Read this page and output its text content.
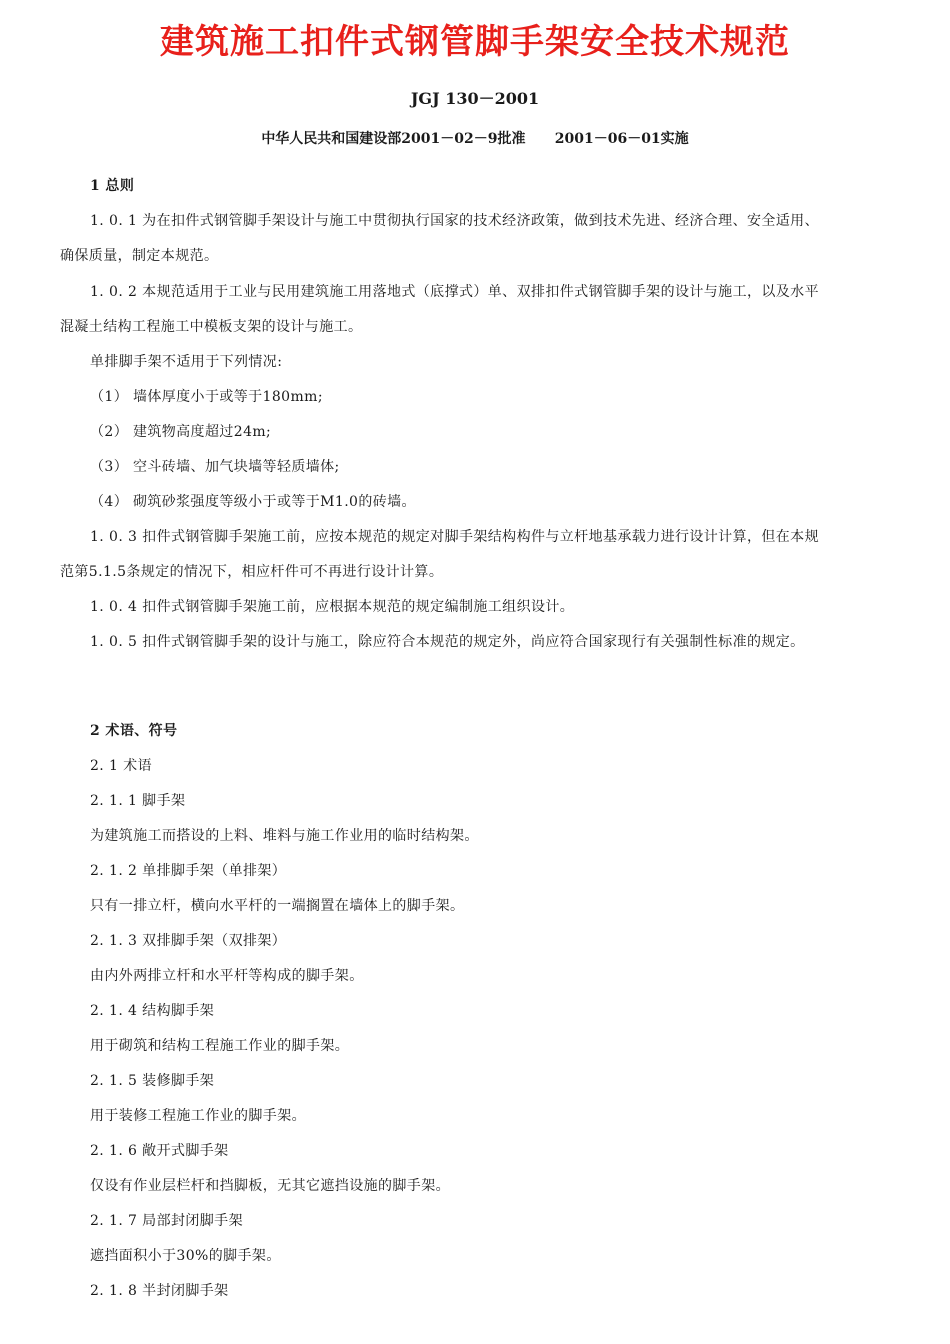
建筑施工扣件式钢管脚手架安全技术规范
JGJ 130－2001
中华人民共和国建设部2001－02－9批准      2001－06－01实施
1 总则
1. 0. 1 为在扣件式钢管脚手架设计与施工中贯彻执行国家的技术经济政策，做到技术先进、经济合理、安全适用、
确保质量，制定本规范。
1. 0. 2 本规范适用于工业与民用建筑施工用落地式（底撑式）单、双排扣件式钢管脚手架的设计与施工，以及水平
混凝土结构工程施工中模板支架的设计与施工。
单排脚手架不适用于下列情况:
（1） 墙体厚度小于或等于180mm;
（2） 建筑物高度超过24m;
（3） 空斗砖墙、加气块墙等轻质墙体;
（4） 砌筑砂浆强度等级小于或等于M1.0的砖墙。
1. 0. 3 扣件式钢管脚手架施工前，应按本规范的规定对脚手架结构构件与立杆地基承载力进行设计计算，但在本规
范第5.1.5条规定的情况下，相应杆件可不再进行设计计算。
1. 0. 4 扣件式钢管脚手架施工前，应根据本规范的规定编制施工组织设计。
1. 0. 5 扣件式钢管脚手架的设计与施工，除应符合本规范的规定外，尚应符合国家现行有关强制性标准的规定。
2 术语、符号
2. 1 术语
2. 1. 1 脚手架
为建筑施工而搭设的上料、堆料与施工作业用的临时结构架。
2. 1. 2 单排脚手架（单排架）
只有一排立杆，横向水平杆的一端搁置在墙体上的脚手架。
2. 1. 3 双排脚手架（双排架）
由内外两排立杆和水平杆等构成的脚手架。
2. 1. 4 结构脚手架
用于砌筑和结构工程施工作业的脚手架。
2. 1. 5 装修脚手架
用于装修工程施工作业的脚手架。
2. 1. 6 敞开式脚手架
仅设有作业层栏杆和挡脚板，无其它遮挡设施的脚手架。
2. 1. 7 局部封闭脚手架
遮挡面积小于30%的脚手架。
2. 1. 8 半封闭脚手架
